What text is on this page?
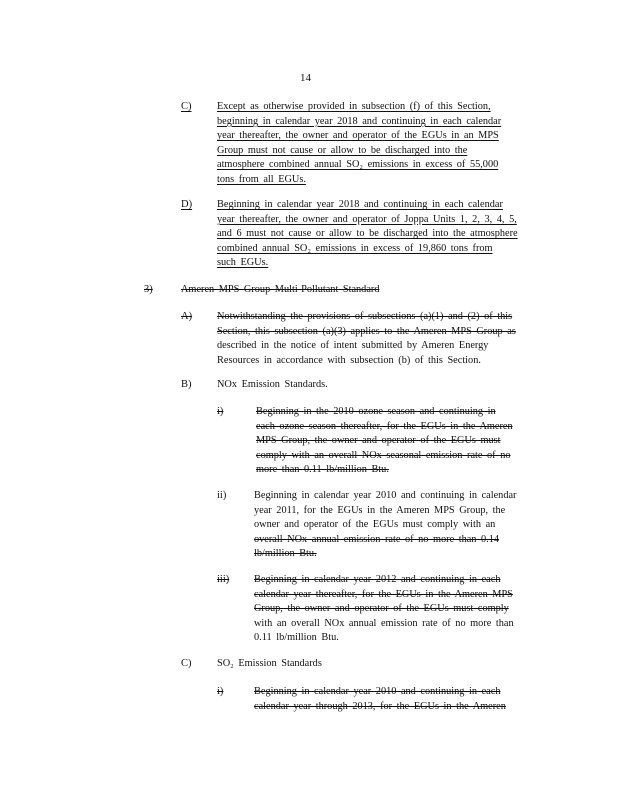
14
C) Except as otherwise provided in subsection (f) of this Section,
beginning in calendar year 2018 and continuing in each calendar
year thereafter, the owner and operator of the EGUs in an MPS
Group must not cause or allow to be discharged into the
atmosphere combined annual SO₂ emissions in excess of 55,000
tons from all EGUs.
D) Beginning in calendar year 2018 and continuing in each calendar
year thereafter, the owner and operator of Joppa Units 1, 2, 3, 4, 5,
and 6 must not cause or allow to be discharged into the atmosphere
combined annual SO₂ emissions in excess of 19,860 tons from
such EGUs.
3)	Ameren MPS Group Multi-Pollutant Standard
A) Notwithstanding the provisions of subsections (a)(1) and (2) of this
Section, this subsection (a)(3) applies to the Ameren MPS Group as
described in the notice of intent submitted by Ameren Energy
Resources in accordance with subsection (b) of this Section.
B) NOx Emission Standards.
i)	Beginning in the 2010 ozone season and continuing in
each ozone season thereafter, for the EGUs in the Ameren
MPS Group, the owner and operator of the EGUs must
comply with an overall NOx seasonal emission rate of no
more than 0.11 lb/million Btu.
ii)	Beginning in calendar year 2010 and continuing in calendar
year 2011, for the EGUs in the Ameren MPS Group, the
owner and operator of the EGUs must comply with an
overall NOx annual emission rate of no more than 0.14
lb/million Btu.
iii) Beginning in calendar year 2012 and continuing in each
calendar year thereafter, for the EGUs in the Ameren MPS
Group, the owner and operator of the EGUs must comply
with an overall NOx annual emission rate of no more than
0.11 lb/million Btu.
C) SO₂ Emission Standards
i)	Beginning in calendar year 2010 and continuing in each
calendar year through 2013, for the EGUs in the Ameren
